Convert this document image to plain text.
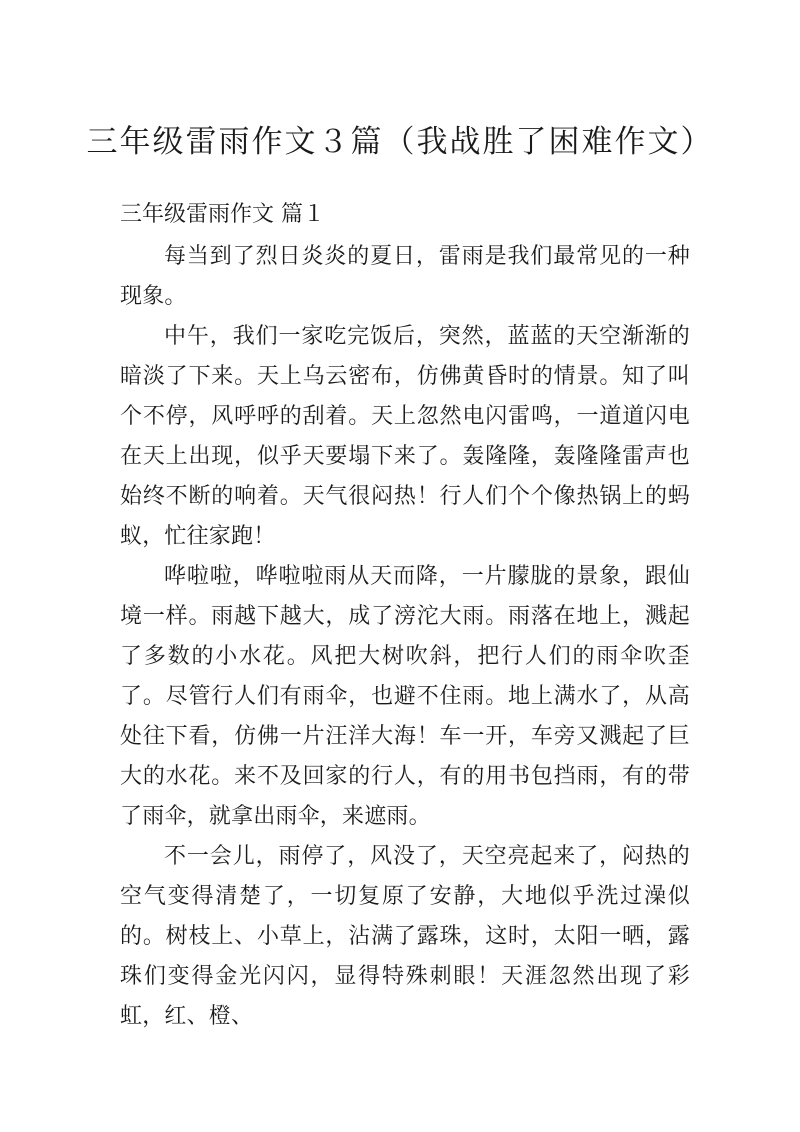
三年级雷雨作文３篇（我战胜了困难作文）
三年级雷雨作文 篇１

每当到了烈日炎炎的夏日，雷雨是我们最常见的一种现象。

中午，我们一家吃完饭后，突然，蓝蓝的天空渐渐的暗淡了下来。天上乌云密布，仿佛黄昏时的情景。知了叫个不停，风呼呼的刮着。天上忽然电闪雷鸣，一道道闪电在天上出现，似乎天要塌下来了。轰隆隆，轰隆隆雷声也始终不断的响着。天气很闷热！行人们个个像热锅上的蚂蚁，忙往家跑！

哗啦啦，哗啦啦雨从天而降，一片朦胧的景象，跟仙境一样。雨越下越大，成了滂沱大雨。雨落在地上，溅起了多数的小水花。风把大树吹斜，把行人们的雨伞吹歪了。尽管行人们有雨伞，也避不住雨。地上满水了，从高处往下看，仿佛一片汪洋大海！车一开，车旁又溅起了巨大的水花。来不及回家的行人，有的用书包挡雨，有的带了雨伞，就拿出雨伞，来遮雨。

不一会儿，雨停了，风没了，天空亮起来了，闷热的空气变得清楚了，一切复原了安静，大地似乎洗过澡似的。树枝上、小草上，沾满了露珠，这时，太阳一晒，露珠们变得金光闪闪，显得特殊刺眼！天涯忽然出现了彩虹，红、橙、
